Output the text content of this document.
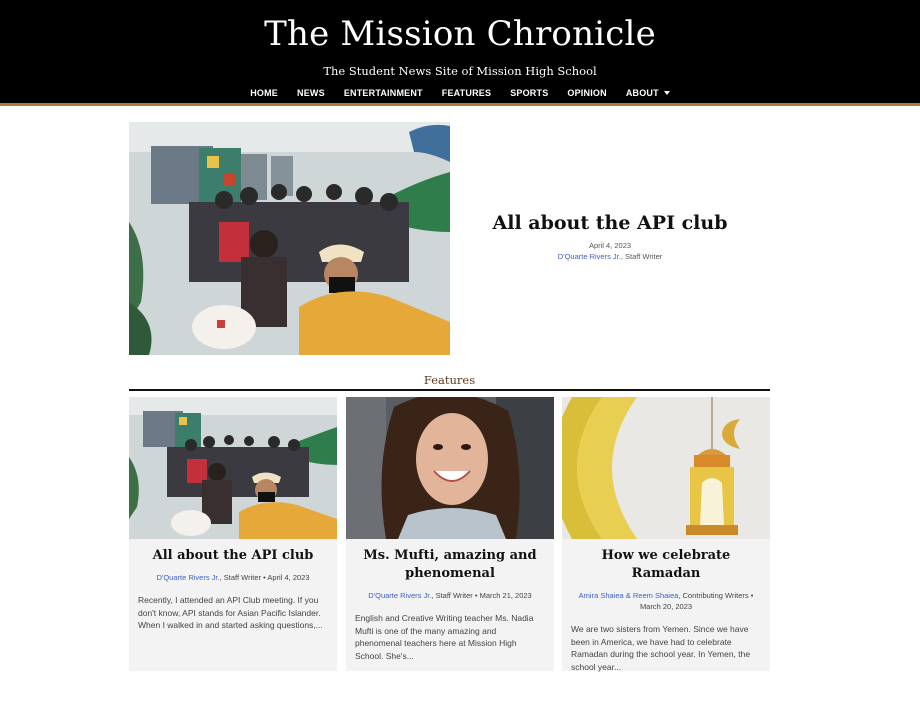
The Mission Chronicle
The Student News Site of Mission High School
HOME	NEWS	ENTERTAINMENT	FEATURES	SPORTS	OPINION	ABOUT
All about the API club
April 4, 2023
D'Quarte Rivers Jr., Staff Writer
Features
All about the API club
D'Quarte Rivers Jr., Staff Writer • April 4, 2023
Recently, I attended an API Club meeting. If you don't know, API stands for Asian Pacific Islander. When I walked in and started asking questions,...
Ms. Mufti, amazing and phenomenal
D'Quarte Rivers Jr., Staff Writer • March 21, 2023
English and Creative Writing teacher Ms. Nadia Mufti is one of the many amazing and phenomenal teachers here at Mission High School. She's...
How we celebrate Ramadan
Amira Shaiea & Reem Shaiea, Contributing Writers • March 20, 2023
We are two sisters from Yemen. Since we have been in America, we have had to celebrate Ramadan during the school year. In Yemen, the school year...
